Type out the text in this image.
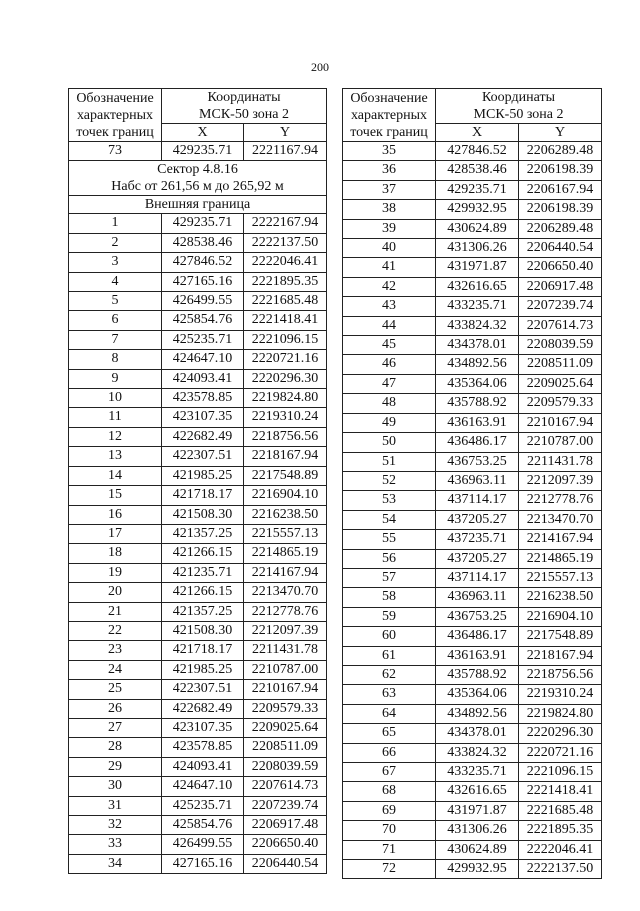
200
Обозначение
характерных
точек границ	Координаты	
	МСК-50 зона 2	
	X	Y
73	429235.71	2221167.94
Сектор 4.8.16		
Нaбс от 261,56 м до 265,92 м		
Внешняя граница		
1	429235.71	2222167.94
2	428538.46	2222137.50
3	427846.52	2222046.41
4	427165.16	2221895.35
5	426499.55	2221685.48
6	425854.76	2221418.41
7	425235.71	2221096.15
8	424647.10	2220721.16
9	424093.41	2220296.30
10	423578.85	2219824.80
11	423107.35	2219310.24
12	422682.49	2218756.56
13	422307.51	2218167.94
14	421985.25	2217548.89
15	421718.17	2216904.10
16	421508.30	2216238.50
17	421357.25	2215557.13
18	421266.15	2214865.19
19	421235.71	2214167.94
20	421266.15	2213470.70
21	421357.25	2212778.76
22	421508.30	2212097.39
23	421718.17	2211431.78
24	421985.25	2210787.00
25	422307.51	2210167.94
26	422682.49	2209579.33
27	423107.35	2209025.64
28	423578.85	2208511.09
29	424093.41	2208039.59
30	424647.10	2207614.73
31	425235.71	2207239.74
32	425854.76	2206917.48
33	426499.55	2206650.40
34	427165.16	2206440.54
Обозначение
характерных
точек границ	Координаты	
	МСК-50 зона 2	
	X	Y
35	427846.52	2206289.48
36	428538.46	2206198.39
37	429235.71	2206167.94
38	429932.95	2206198.39
39	430624.89	2206289.48
40	431306.26	2206440.54
41	431971.87	2206650.40
42	432616.65	2206917.48
43	433235.71	2207239.74
44	433824.32	2207614.73
45	434378.01	2208039.59
46	434892.56	2208511.09
47	435364.06	2209025.64
48	435788.92	2209579.33
49	436163.91	2210167.94
50	436486.17	2210787.00
51	436753.25	2211431.78
52	436963.11	2212097.39
53	437114.17	2212778.76
54	437205.27	2213470.70
55	437235.71	2214167.94
56	437205.27	2214865.19
57	437114.17	2215557.13
58	436963.11	2216238.50
59	436753.25	2216904.10
60	436486.17	2217548.89
61	436163.91	2218167.94
62	435788.92	2218756.56
63	435364.06	2219310.24
64	434892.56	2219824.80
65	434378.01	2220296.30
66	433824.32	2220721.16
67	433235.71	2221096.15
68	432616.65	2221418.41
69	431971.87	2221685.48
70	431306.26	2221895.35
71	430624.89	2222046.41
72	429932.95	2222137.50
